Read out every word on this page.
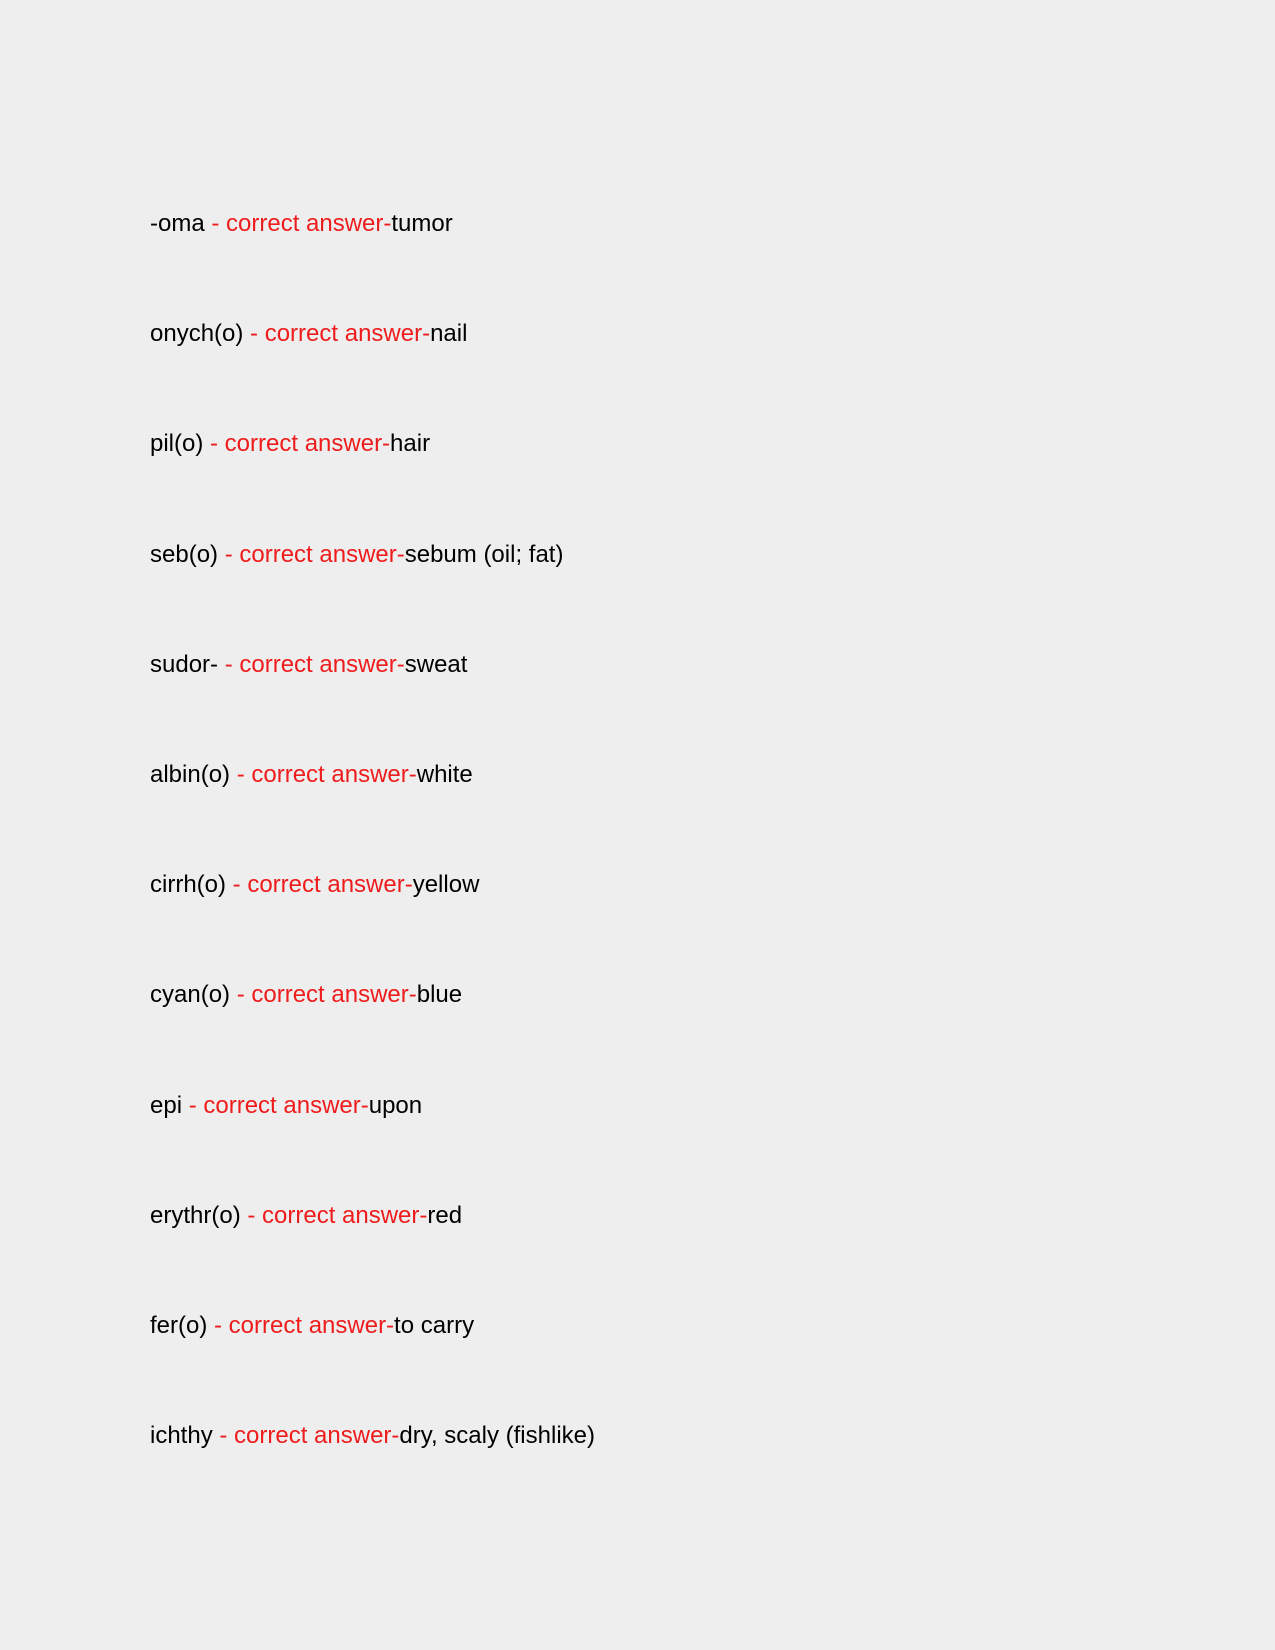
-oma - correct answer-tumor
onych(o) - correct answer-nail
pil(o) - correct answer-hair
seb(o) - correct answer-sebum (oil; fat)
sudor- - correct answer-sweat
albin(o) - correct answer-white
cirrh(o) - correct answer-yellow
cyan(o) - correct answer-blue
epi - correct answer-upon
erythr(o) - correct answer-red
fer(o) - correct answer-to carry
ichthy - correct answer-dry, scaly (fishlike)
